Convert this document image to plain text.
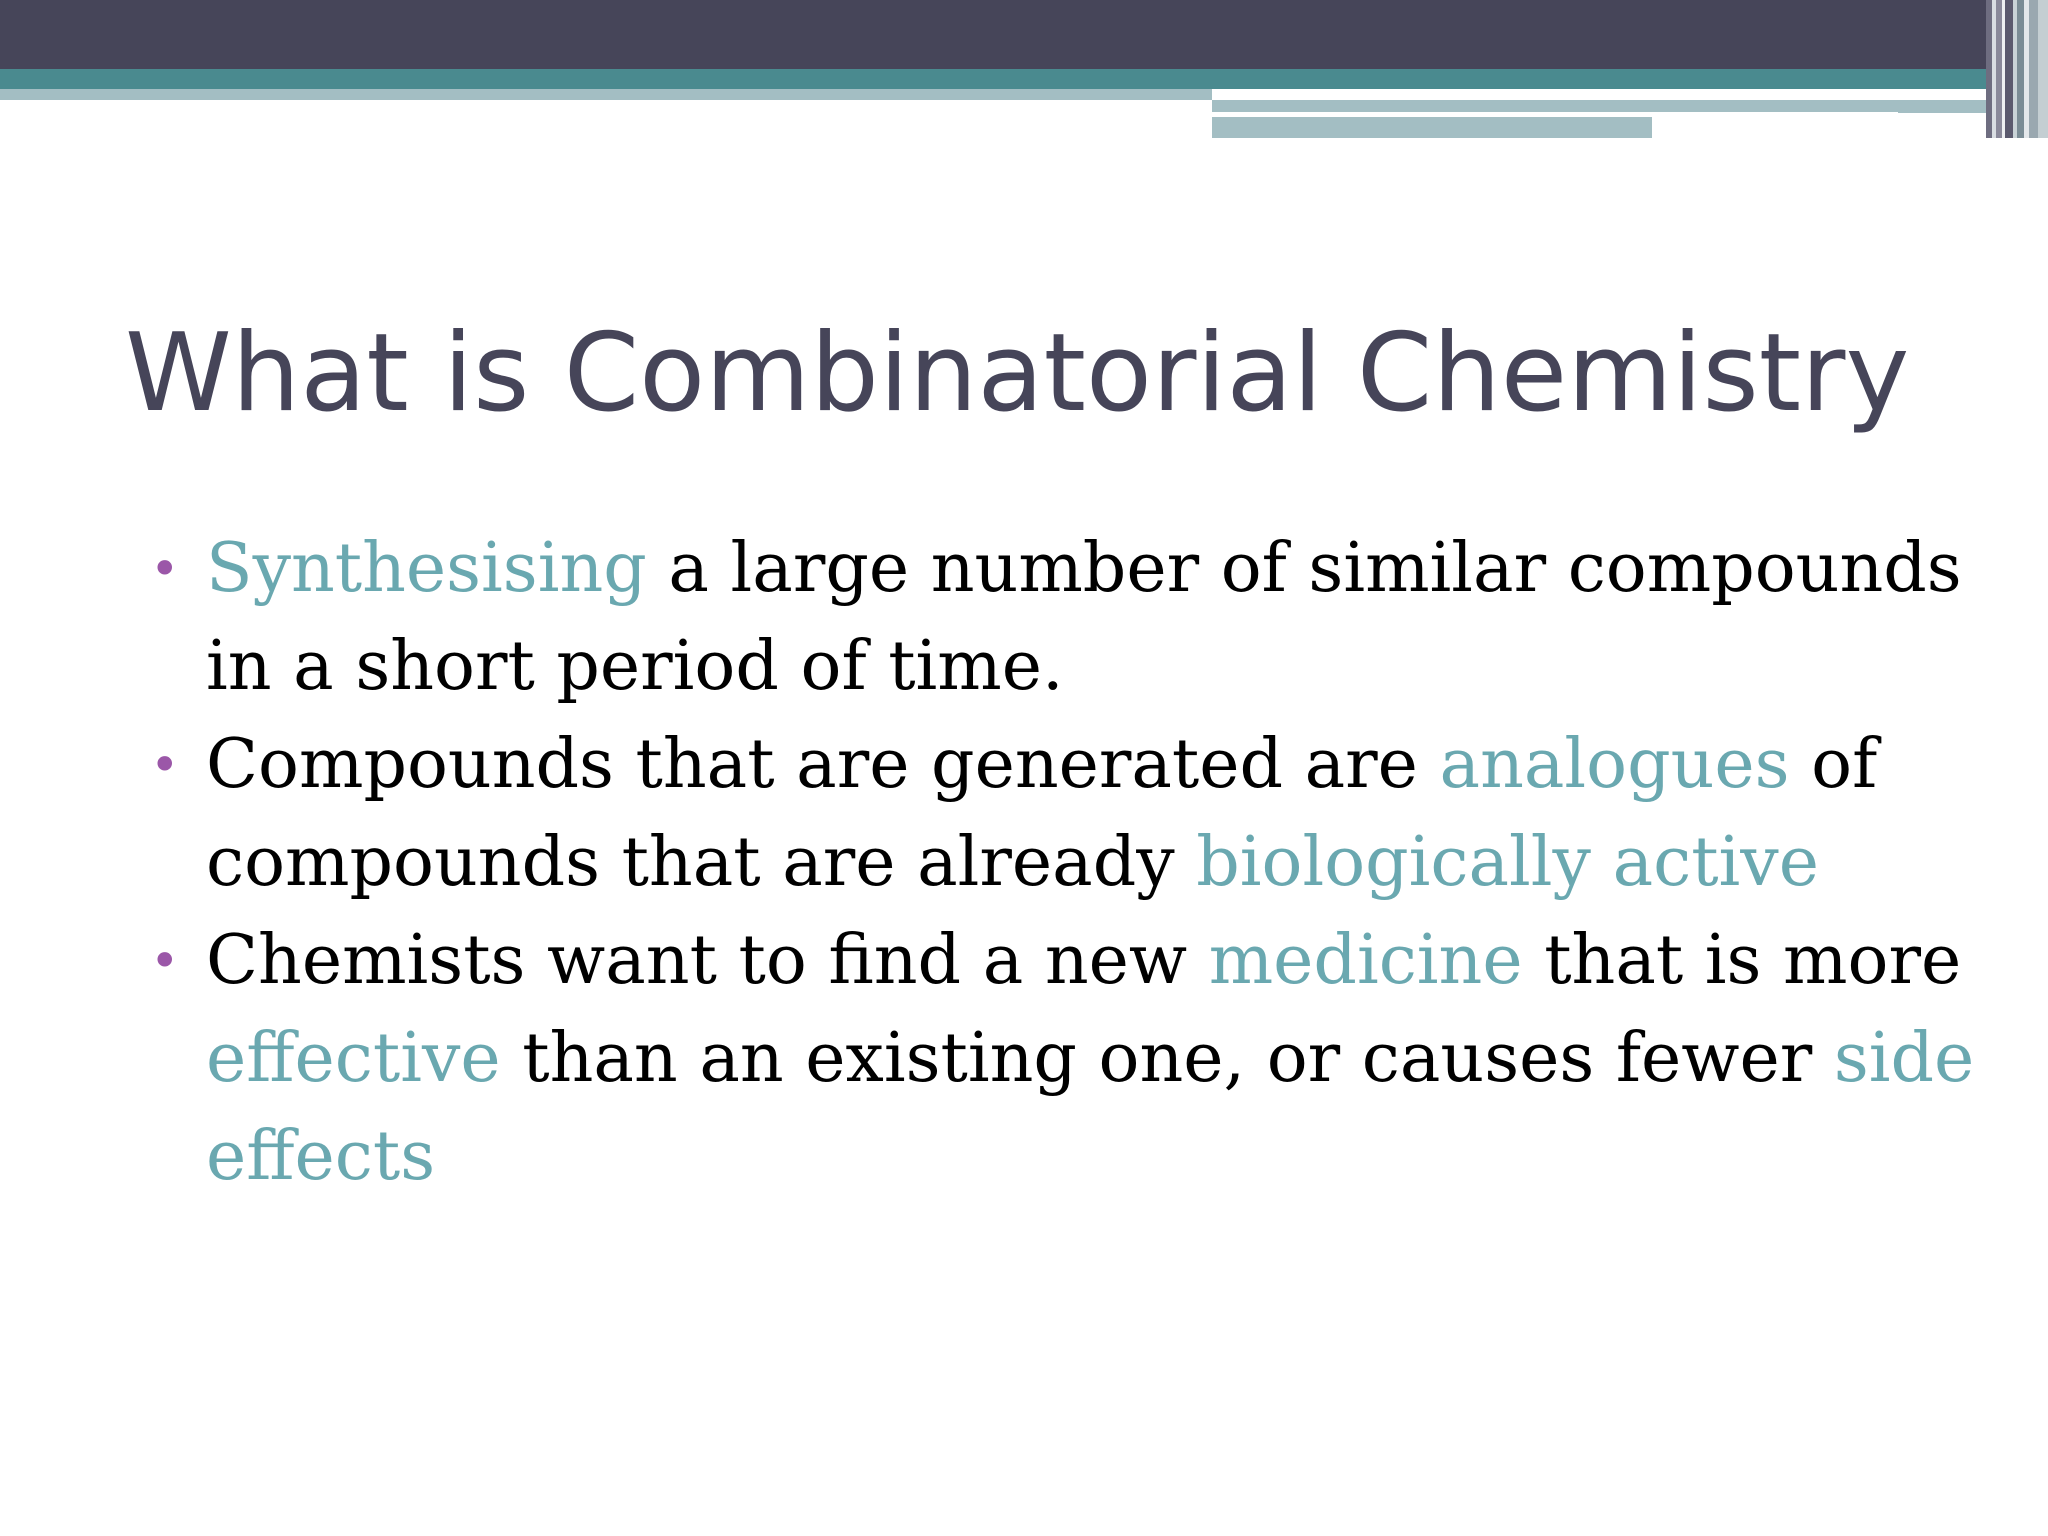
What is Combinatorial Chemistry
• Synthesising a large number of similar compounds in a short period of time.
• Compounds that are generated are analogues of compounds that are already biologically active
• Chemists want to find a new medicine that is more effective than an existing one, or causes fewer side effects
